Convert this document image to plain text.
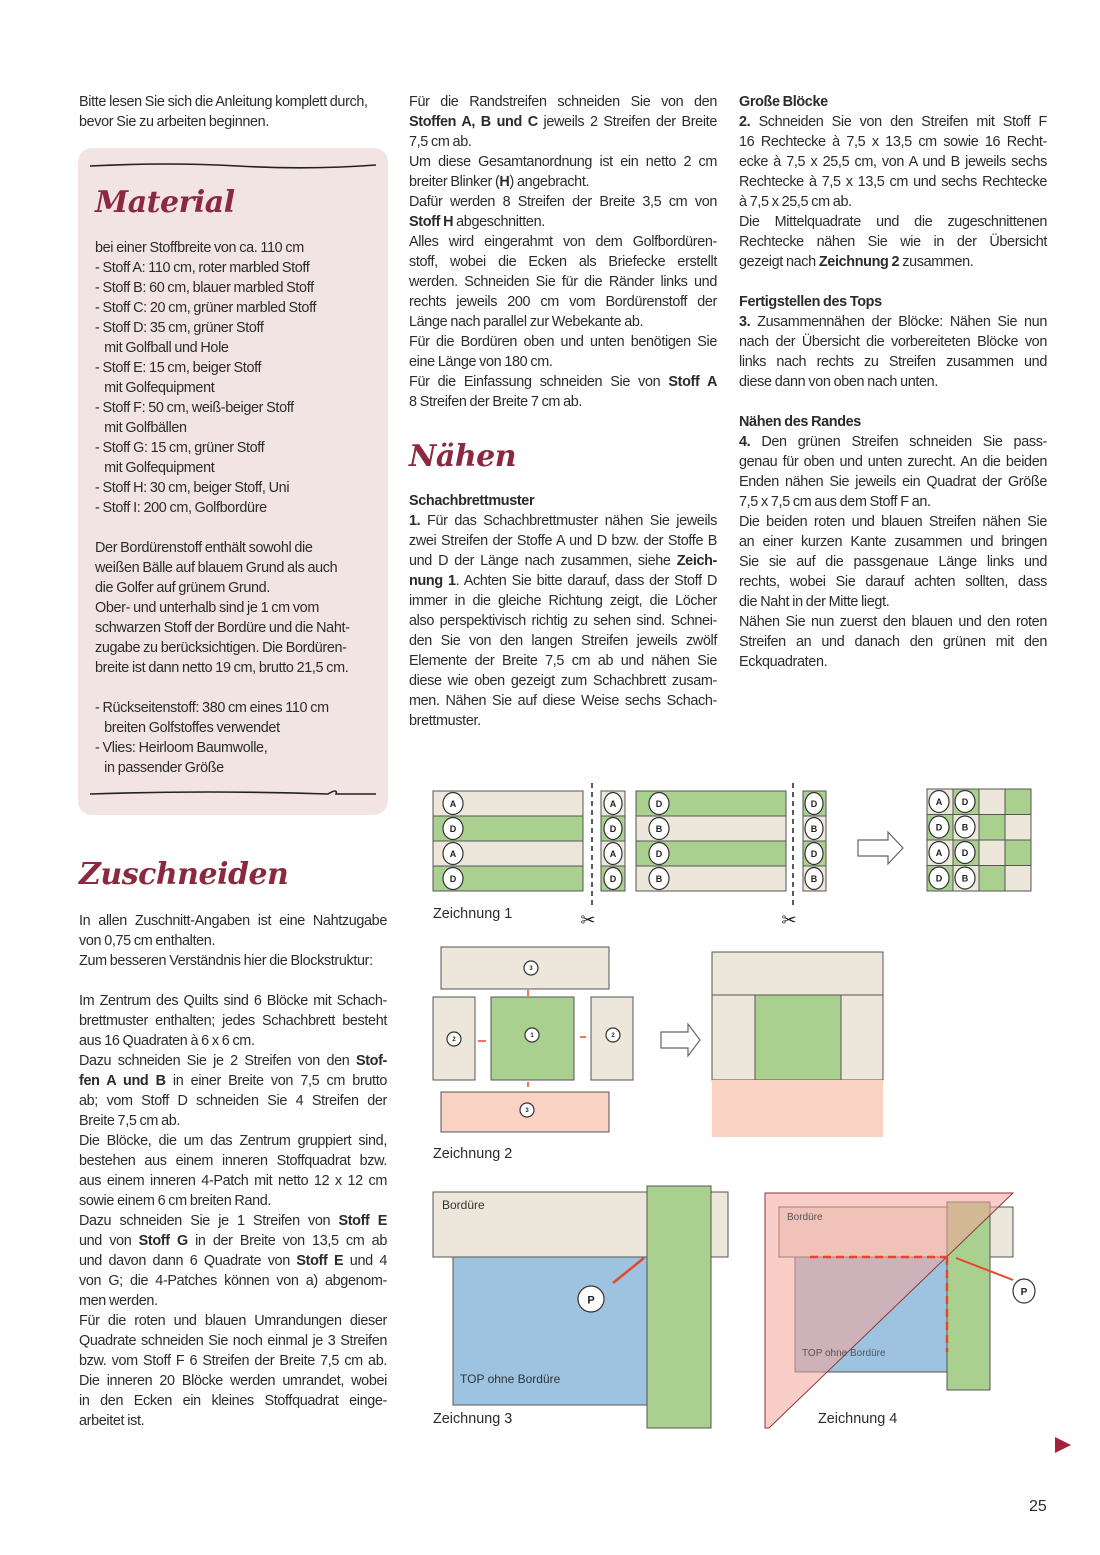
Bitte lesen Sie sich die Anleitung komplett durch,
bevor Sie zu arbeiten beginnen.
Material
bei einer Stoffbreite von ca. 110 cm
- Stoff A: 110 cm, roter marbled Stoff
- Stoff B: 60 cm, blauer marbled Stoff
- Stoff C: 20 cm, grüner marbled Stoff
- Stoff D: 35 cm, grüner Stoff
mit Golfball und Hole
- Stoff E: 15 cm, beiger Stoff
mit Golfequipment
- Stoff F: 50 cm, weiß-beiger Stoff
mit Golfbällen
- Stoff G: 15 cm, grüner Stoff
mit Golfequipment
- Stoff H: 30 cm, beiger Stoff, Uni
- Stoff I: 200 cm, Golfbordüre
Der Bordürenstoff enthält sowohl die
weißen Bälle auf blauem Grund als auch
die Golfer auf grünem Grund.
Ober- und unterhalb sind je 1 cm vom
schwarzen Stoff der Bordüre und die Naht-
zugabe zu berücksichtigen. Die Bordüren-
breite ist dann netto 19 cm, brutto 21,5 cm.
- Rückseitenstoff: 380 cm eines 110 cm
breiten Golfstoffes verwendet
- Vlies: Heirloom Baumwolle,
in passender Größe
Zuschneiden
In allen Zuschnitt-Angaben ist eine Nahtzugabe
von 0,75 cm enthalten.
Zum besseren Verständnis hier die Blockstruktur:
Im Zentrum des Quilts sind 6 Blöcke mit Schach-
brettmuster enthalten; jedes Schachbrett besteht
aus 16 Quadraten à 6 x 6 cm.
Dazu schneiden Sie je 2 Streifen von den Stof-
fen A und B in einer Breite von 7,5 cm brutto
ab; vom Stoff D schneiden Sie 4 Streifen der
Breite 7,5 cm ab.
Die Blöcke, die um das Zentrum gruppiert sind,
bestehen aus einem inneren Stoffquadrat bzw.
aus einem inneren 4-Patch mit netto 12 x 12 cm
sowie einem 6 cm breiten Rand.
Dazu schneiden Sie je 1 Streifen von Stoff E
und von Stoff G in der Breite von 13,5 cm ab
und davon dann 6 Quadrate von Stoff E und 4
von G; die 4-Patches können von a) abgenom-
men werden.
Für die roten und blauen Umrandungen dieser
Quadrate schneiden Sie noch einmal je 3 Streifen
bzw. vom Stoff F 6 Streifen der Breite 7,5 cm ab.
Die inneren 20 Blöcke werden umrandet, wobei
in den Ecken ein kleines Stoffquadrat einge-
arbeitet ist.
Für die Randstreifen schneiden Sie von den
Stoffen A, B und C jeweils 2 Streifen der Breite
7,5 cm ab.
Um diese Gesamtanordnung ist ein netto 2 cm
breiter Blinker (H) angebracht.
Dafür werden 8 Streifen der Breite 3,5 cm von
Stoff H abgeschnitten.
Alles wird eingerahmt von dem Golfbordüren-
stoff, wobei die Ecken als Briefecke erstellt
werden. Schneiden Sie für die Ränder links und
rechts jeweils 200 cm vom Bordürenstoff der
Länge nach parallel zur Webekante ab.
Für die Bordüren oben und unten benötigen Sie
eine Länge von 180 cm.
Für die Einfassung schneiden Sie von Stoff A
8 Streifen der Breite 7 cm ab.
Nähen
Schachbrettmuster
1. Für das Schachbrettmuster nähen Sie jeweils
zwei Streifen der Stoffe A und D bzw. der Stoffe B
und D der Länge nach zusammen, siehe Zeich-
nung 1. Achten Sie bitte darauf, dass der Stoff D
immer in die gleiche Richtung zeigt, die Löcher
also perspektivisch richtig zu sehen sind. Schnei-
den Sie von den langen Streifen jeweils zwölf
Elemente der Breite 7,5 cm ab und nähen Sie
diese wie oben gezeigt zum Schachbrett zusam-
men. Nähen Sie auf diese Weise sechs Schach-
brettmuster.
Große Blöcke
2. Schneiden Sie von den Streifen mit Stoff F
16 Rechtecke à 7,5 x 13,5 cm sowie 16 Recht-
ecke à 7,5 x 25,5 cm, von A und B jeweils sechs
Rechtecke à 7,5 x 13,5 cm und sechs Rechtecke
à 7,5 x 25,5 cm ab.
Die Mittelquadrate und die zugeschnittenen
Rechtecke nähen Sie wie in der Übersicht
gezeigt nach Zeichnung 2 zusammen.
Fertigstellen des Tops
3. Zusammennähen der Blöcke: Nähen Sie nun
nach der Übersicht die vorbereiteten Blöcke von
links nach rechts zu Streifen zusammen und
diese dann von oben nach unten.
Nähen des Randes
4. Den grünen Streifen schneiden Sie pass-
genau für oben und unten zurecht. An die beiden
Enden nähen Sie jeweils ein Quadrat der Größe
7,5 x 7,5 cm aus dem Stoff F an.
Die beiden roten und blauen Streifen nähen Sie
an einer kurzen Kante zusammen und bringen
Sie sie auf die passgenaue Länge links und
rechts, wobei Sie darauf achten sollten, dass
die Naht in der Mitte liegt.
Nähen Sie nun zuerst den blauen und den roten
Streifen an und danach den grünen mit den
Eckquadraten.
A	A
D	D
A	A
D	D
D	D
B	B
D	D
B	B
✂	✂
A D
D B
A D
D B
3
2
1	2
3
Bordüre
TOP ohne Bordüre
P
Bordüre
TOP ohne Bordüre
P
Zeichnung 1
Zeichnung 2
Zeichnung 3	Zeichnung 4
25
